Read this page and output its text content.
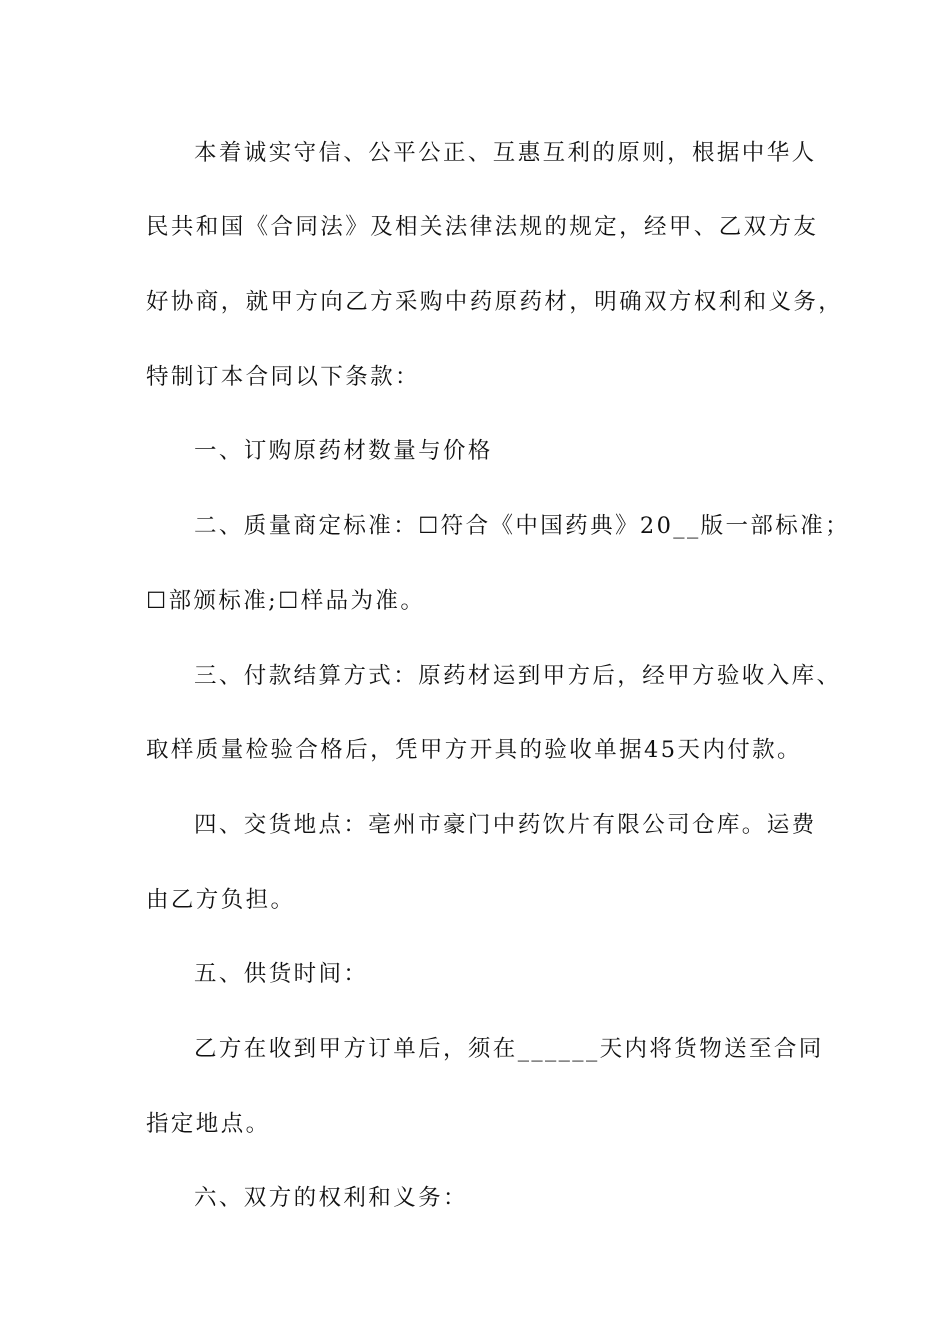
本着诚实守信、公平公正、互惠互利的原则，根据中华人
民共和国《合同法》及相关法律法规的规定，经甲、乙双方友
好协商，就甲方向乙方采购中药原药材，明确双方权利和义务，
特制订本合同以下条款：
一、订购原药材数量与价格
二、质量商定标准：☐符合《中国药典》20__版一部标准；
☐部颁标准;☐样品为准。
三、付款结算方式：原药材运到甲方后，经甲方验收入库、
取样质量检验合格后，凭甲方开具的验收单据45天内付款。
四、交货地点：亳州市豪门中药饮片有限公司仓库。运费
由乙方负担。
五、供货时间：
乙方在收到甲方订单后，须在______天内将货物送至合同
指定地点。
六、双方的权利和义务：
